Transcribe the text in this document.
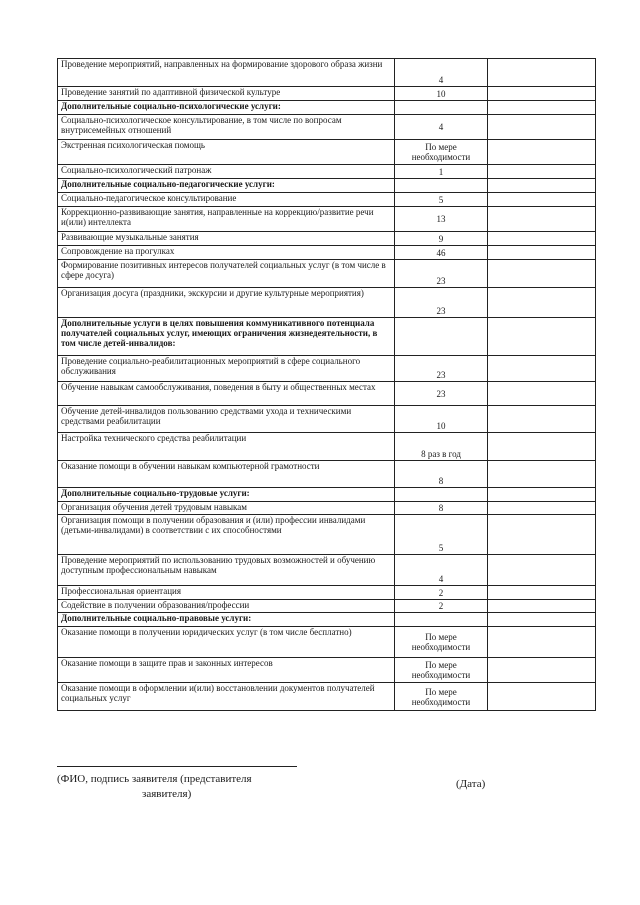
Проведение мероприятий, направленных на формирование здорового образа жизни	4	
Проведение занятий по адаптивной физической культуре	10	
Дополнительные социально-психологические услуги:		
Социально-психологическое консультирование, в том числе по вопросам внутрисемейных отношений	4	
Экстренная психологическая помощь	По мере необходимости	
Социально-психологический патронаж	1	
Дополнительные социально-педагогические услуги:		
Социально-педагогическое консультирование	5	
Коррекционно-развивающие занятия, направленные на коррекцию/развитие речи и(или) интеллекта	13	
Развивающие музыкальные занятия	9	
Сопровождение на прогулках	46	
Формирование позитивных интересов получателей социальных услуг (в том числе в сфере досуга)	23	
Организация досуга (праздники, экскурсии и другие культурные мероприятия)	23	
Дополнительные услуги в целях повышения коммуникативного потенциала получателей социальных услуг, имеющих ограничения жизнедеятельности, в том числе детей-инвалидов:		
Проведение социально-реабилитационных мероприятий в сфере социального обслуживания	23	
Обучение навыкам самообслуживания, поведения в быту и общественных местах	23	
Обучение детей-инвалидов пользованию средствами ухода и техническими средствами реабилитации	10	
Настройка технического средства реабилитации	8 раз в год	
Оказание помощи в обучении навыкам компьютерной грамотности	8	
Дополнительные социально-трудовые услуги:		
Организация обучения детей трудовым навыкам	8	
Организация помощи в получении образования и (или) профессии инвалидами (детьми-инвалидами) в соответствии с их способностями	5	
Проведение мероприятий по использованию трудовых возможностей и обучению доступным профессиональным навыкам	4	
Профессиональная ориентация	2	
Содействие в получении образования/профессии	2	
Дополнительные социально-правовые услуги:		
Оказание помощи в получении юридических услуг (в том числе бесплатно)	По мере необходимости	
Оказание помощи в защите прав и законных интересов	По мере необходимости	
Оказание помощи в оформлении и(или) восстановлении документов получателей социальных услуг	По мере необходимости	
(ФИО, подпись заявителя (представителя
заявителя)
(Дата)
